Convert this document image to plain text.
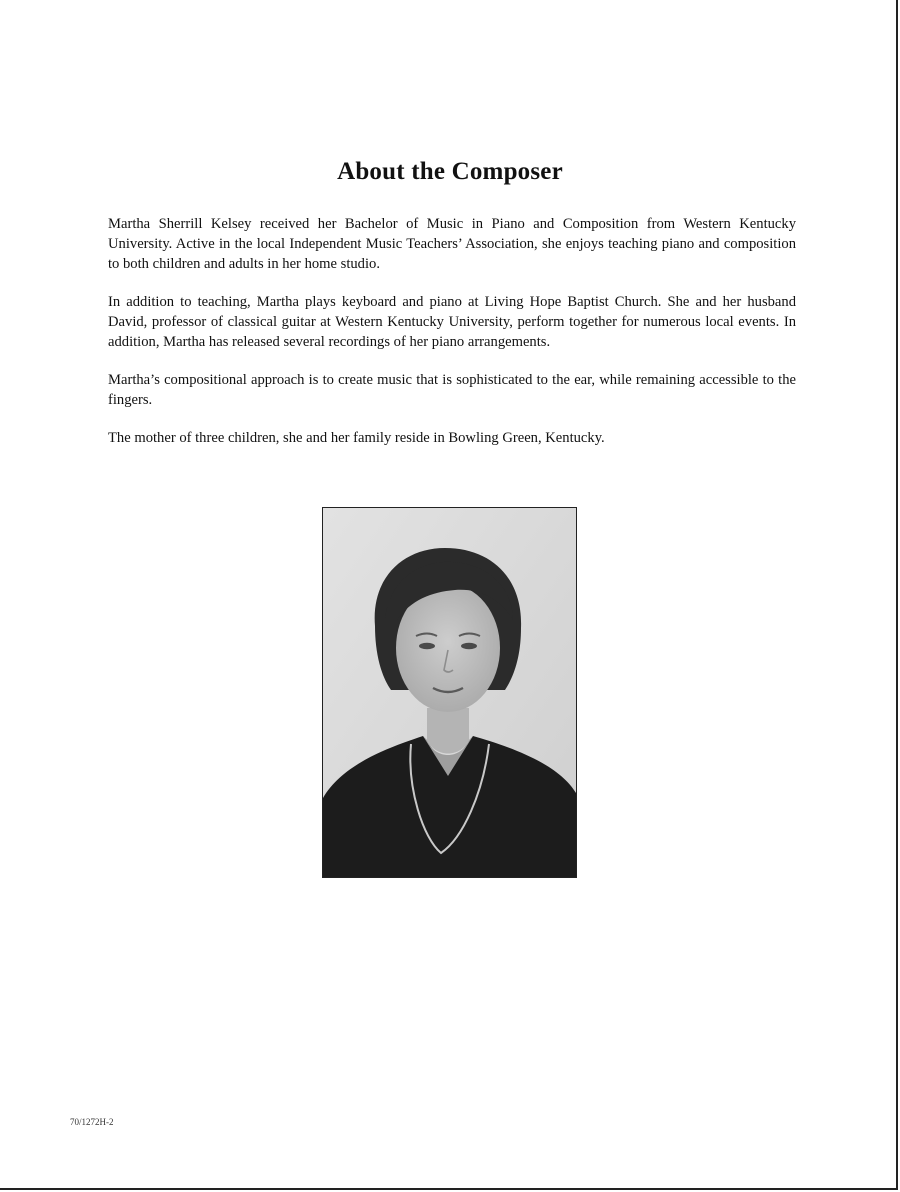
About the Composer

Martha Sherrill Kelsey received her Bachelor of Music in Piano and Composition from Western Kentucky University. Active in the local Independent Music Teachers’ Association, she enjoys teaching piano and composition to both children and adults in her home studio.

In addition to teaching, Martha plays keyboard and piano at Living Hope Baptist Church. She and her husband David, professor of classical guitar at Western Kentucky University, perform together for numerous local events. In addition, Martha has released several recordings of her piano arrangements.

Martha’s compositional approach is to create music that is sophisticated to the ear, while remaining accessible to the fingers.

The mother of three children, she and her family reside in Bowling Green, Kentucky.

70/1272H-2
